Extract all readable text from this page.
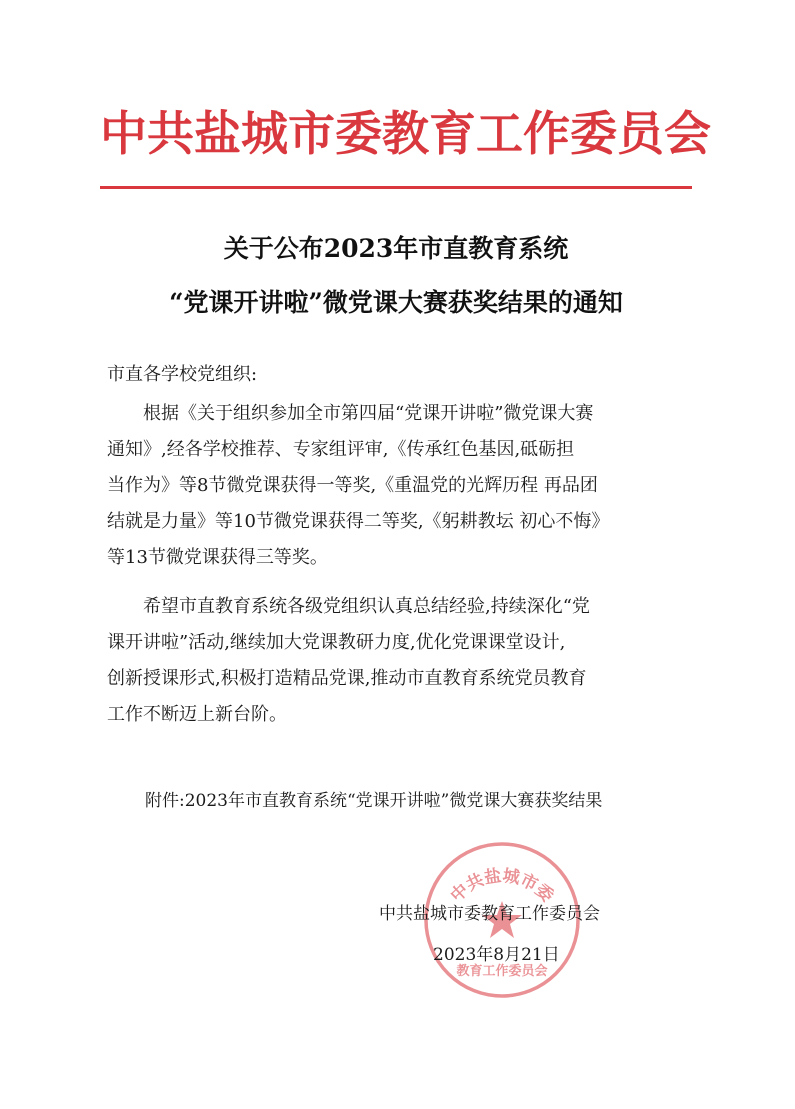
中共盐城市委教育工作委员会
关于公布2023年市直教育系统
“党课开讲啦”微党课大赛获奖结果的通知
市直各学校党组织:
根据《关于组织参加全市第四届“党课开讲啦”微党课大赛
通知》,经各学校推荐、专家组评审,《传承红色基因,砥砺担
当作为》等8节微党课获得一等奖,《重温党的光辉历程 再品团
结就是力量》等10节微党课获得二等奖,《躬耕教坛 初心不悔》
等13节微党课获得三等奖。
希望市直教育系统各级党组织认真总结经验,持续深化“党
课开讲啦”活动,继续加大党课教研力度,优化党课课堂设计,
创新授课形式,积极打造精品党课,推动市直教育系统党员教育
工作不断迈上新台阶。
附件:2023年市直教育系统“党课开讲啦”微党课大赛获奖结果
中共盐城市委
教育工作委员会
中共盐城市委教育工作委员会
2023年8月21日
